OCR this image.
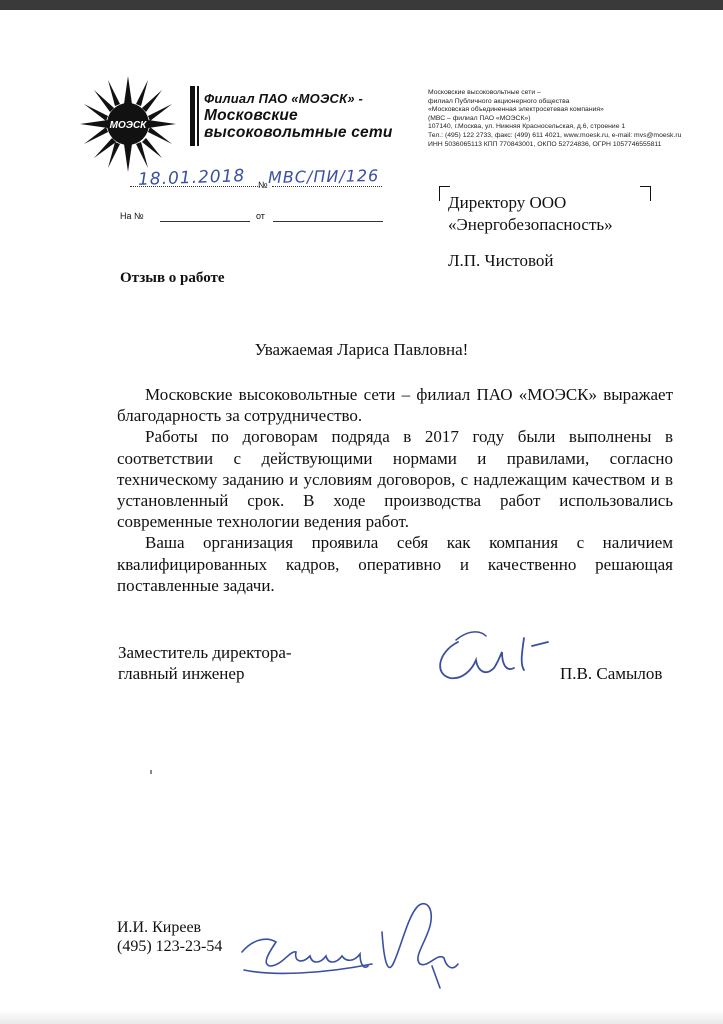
МОЭСК
Филиал ПАО «МОЭСК» -
Московские
высоковольтные сети
Московские высоковольтные сети –
филиал Публичного акционерного общества
«Московская объединенная электросетевая компания»
(МВС – филиал ПАО «МОЭСК»)
107140, г.Москва, ул. Нижняя Красносельская, д.6, строение 1
Тел.: (495) 122 2733, факс: (499) 611 4021, www.moesk.ru, e-mail: mvs@moesk.ru
ИНН 5036065113 КПП 770843001, ОКПО 52724836, ОГРН 1057746555811
18.01.2018 № МВС/ПИ/126
На №	от
Директору ООО
«Энергобезопасность»
Л.П. Чистовой
Отзыв о работе
Уважаемая Лариса Павловна!

Московские высоковольтные сети – филиал ПАО «МОЭСК» выражает благодарность за сотрудничество.

Работы по договорам подряда в 2017 году были выполнены в соответствии с действующими нормами и правилами, согласно техническому заданию и условиям договоров, с надлежащим качеством и в установленный срок. В ходе производства работ использовались современные технологии ведения работ.

Ваша организация проявила себя как компания с наличием квалифицированных кадров, оперативно и качественно решающая поставленные задачи.

Заместитель директора-
главный инженер	П.В. Самылов
И.И. Киреев
(495) 123-23-54
